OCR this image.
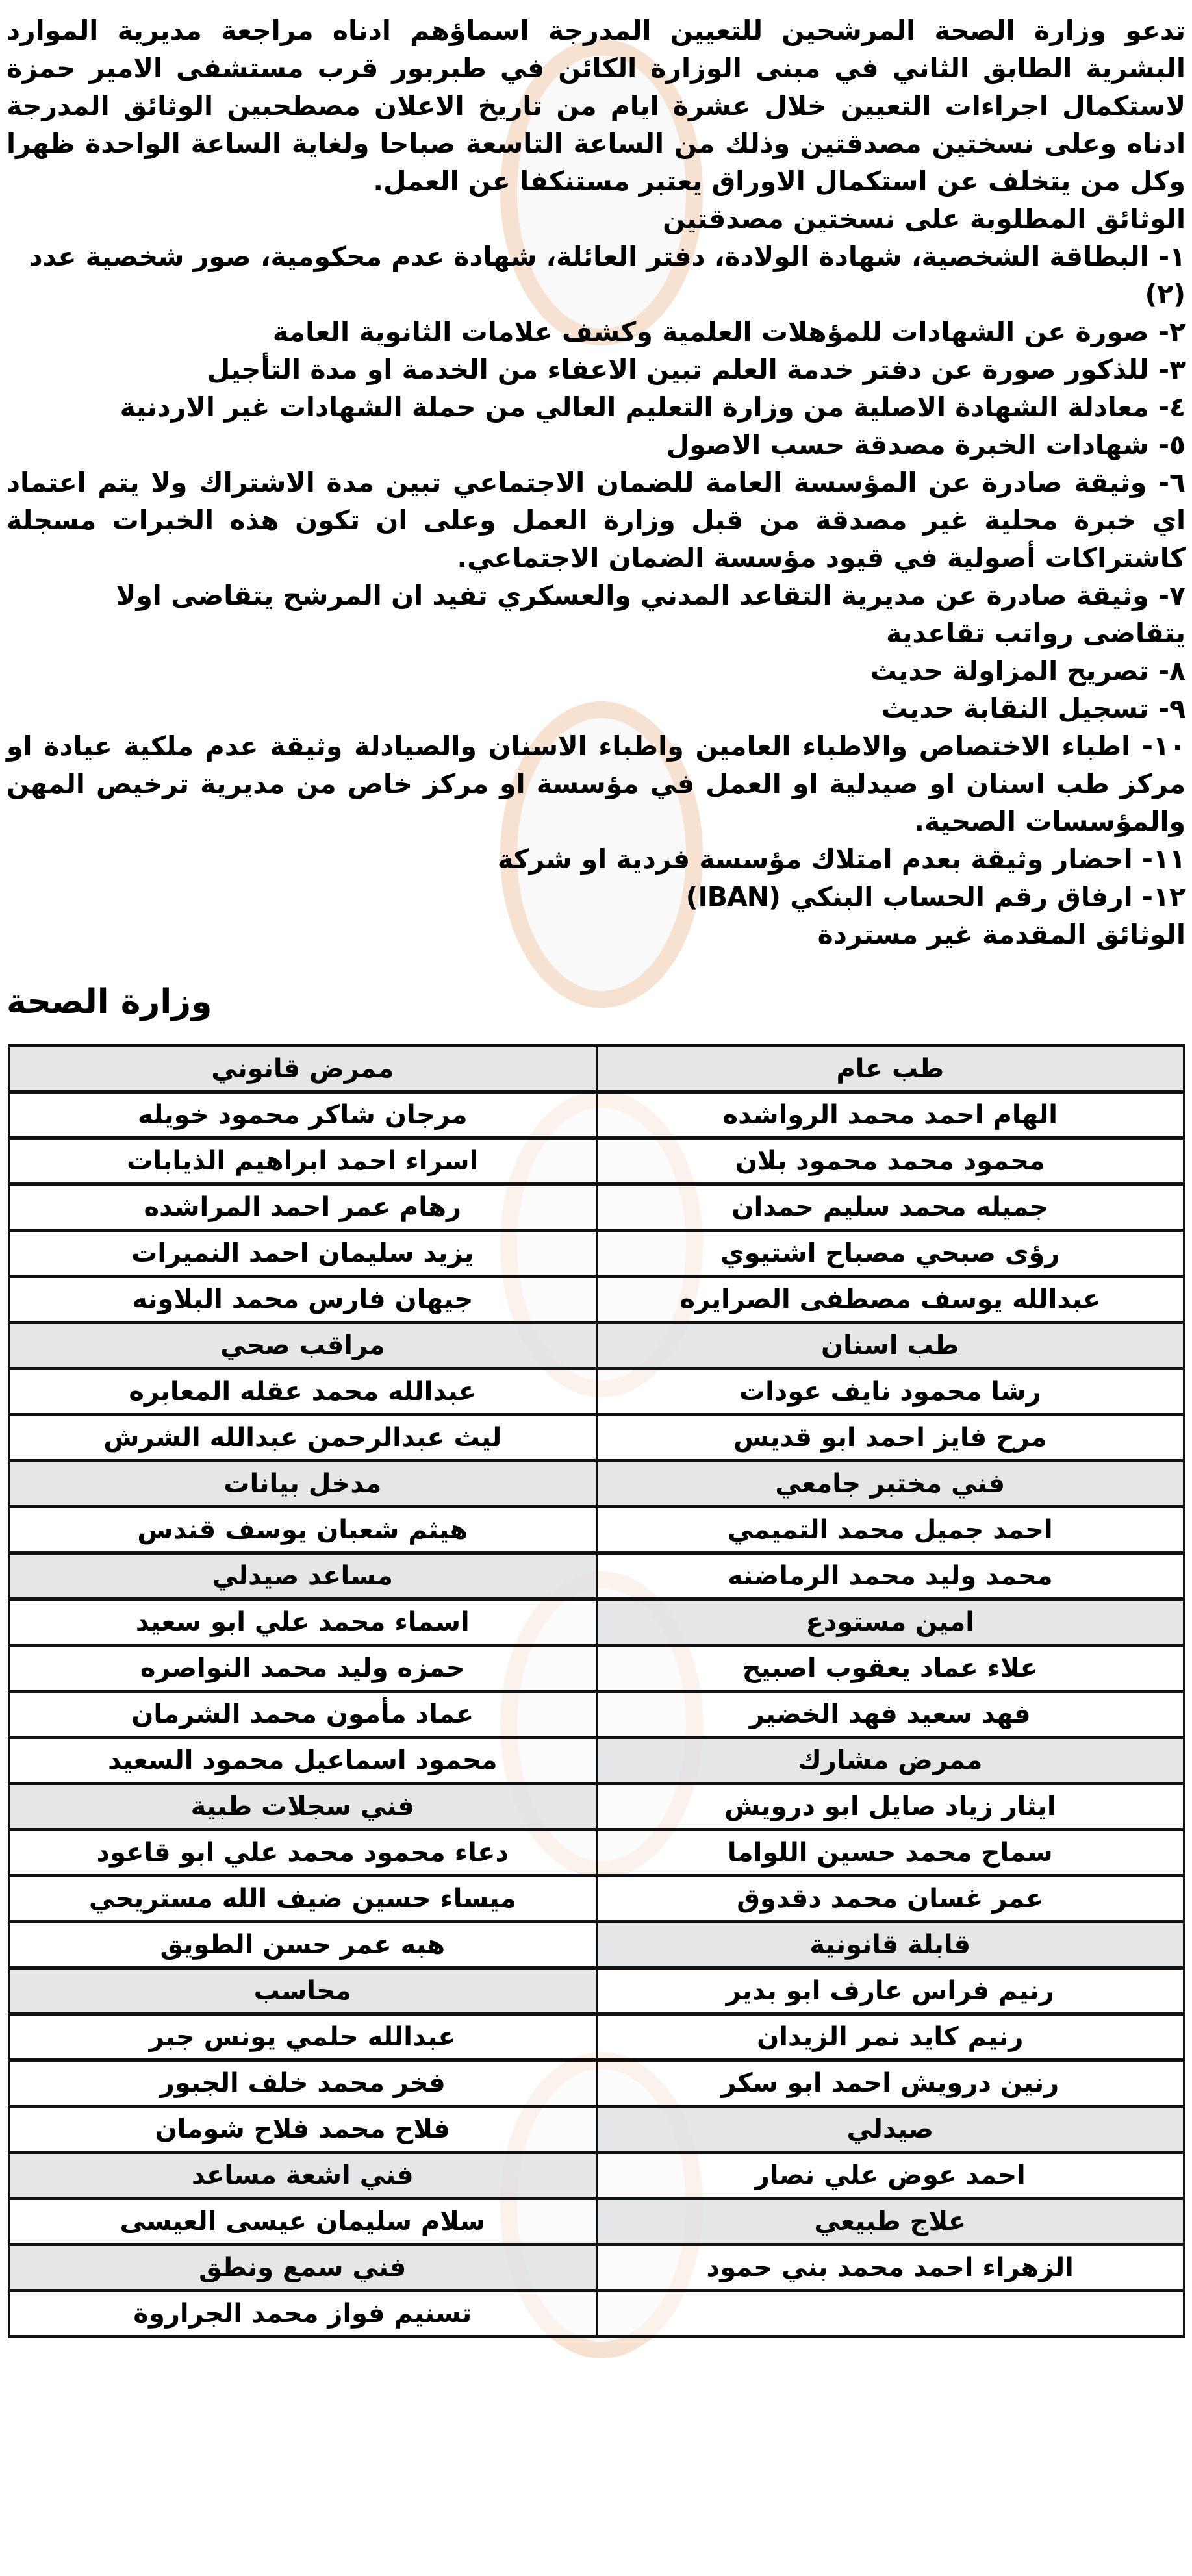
تدعو وزارة الصحة المرشحين للتعيين المدرجة اسماؤهم ادناه مراجعة مديرية الموارد البشرية الطابق الثاني في مبنى الوزارة الكائن في طبربور قرب مستشفى الامير حمزة لاستكمال اجراءات التعيين خلال عشرة ايام من تاريخ الاعلان مصطحبين الوثائق المدرجة ادناه وعلى نسختين مصدقتين وذلك من الساعة التاسعة صباحا ولغاية الساعة الواحدة ظهرا وكل من يتخلف عن استكمال الاوراق يعتبر مستنكفا عن العمل.

الوثائق المطلوبة على نسختين مصدقتين

١- البطاقة الشخصية، شهادة الولادة، دفتر العائلة، شهادة عدم محكومية، صور شخصية عدد (٢)

٢- صورة عن الشهادات للمؤهلات العلمية وكشف علامات الثانوية العامة

٣- للذكور صورة عن دفتر خدمة العلم تبين الاعفاء من الخدمة او مدة التأجيل

٤- معادلة الشهادة الاصلية من وزارة التعليم العالي من حملة الشهادات غير الاردنية

٥- شهادات الخبرة مصدقة حسب الاصول

٦- وثيقة صادرة عن المؤسسة العامة للضمان الاجتماعي تبين مدة الاشتراك ولا يتم اعتماد اي خبرة محلية غير مصدقة من قبل وزارة العمل وعلى ان تكون هذه الخبرات مسجلة كاشتراكات أصولية في قيود مؤسسة الضمان الاجتماعي.

٧- وثيقة صادرة عن مديرية التقاعد المدني والعسكري تفيد ان المرشح يتقاضى اولا يتقاضى رواتب تقاعدية

٨- تصريح المزاولة حديث

٩- تسجيل النقابة حديث

١٠- اطباء الاختصاص والاطباء العامين واطباء الاسنان والصيادلة وثيقة عدم ملكية عيادة او مركز طب اسنان او صيدلية او العمل في مؤسسة او مركز خاص من مديرية ترخيص المهن والمؤسسات الصحية.

١١- احضار وثيقة بعدم امتلاك مؤسسة فردية او شركة

١٢- ارفاق رقم الحساب البنكي (IBAN)

الوثائق المقدمة غير مستردة

وزارة الصحة
طب عام	ممرض قانوني
الهام احمد محمد الرواشده	مرجان شاكر محمود خويله
محمود محمد محمود بلان	اسراء احمد ابراهيم الذيابات
جميله محمد سليم حمدان	رهام عمر احمد المراشده
رؤى صبحي مصباح اشتيوي	يزيد سليمان احمد النميرات
عبدالله يوسف مصطفى الصرايره	جيهان فارس محمد البلاونه
طب اسنان	مراقب صحي
رشا محمود نايف عودات	عبدالله محمد عقله المعابره
مرح فايز احمد ابو قديس	ليث عبدالرحمن عبدالله الشرش
فني مختبر جامعي	مدخل بيانات
احمد جميل محمد التميمي	هيثم شعبان يوسف قندس
محمد وليد محمد الرماضنه	مساعد صيدلي
امين مستودع	اسماء محمد علي ابو سعيد
علاء عماد يعقوب اصبيح	حمزه وليد محمد النواصره
فهد سعيد فهد الخضير	عماد مأمون محمد الشرمان
ممرض مشارك	محمود اسماعيل محمود السعيد
ايثار زياد صايل ابو درويش	فني سجلات طبية
سماح محمد حسين اللواما	دعاء محمود محمد علي ابو قاعود
عمر غسان محمد دقدوق	ميساء حسين ضيف الله مستريحي
قابلة قانونية	هبه عمر حسن الطويق
رنيم فراس عارف ابو بدير	محاسب
رنيم كايد نمر الزيدان	عبدالله حلمي يونس جبر
رنين درويش احمد ابو سكر	فخر محمد خلف الجبور
صيدلي	فلاح محمد فلاح شومان
احمد عوض علي نصار	فني اشعة مساعد
علاج طبيعي	سلام سليمان عيسى العيسى
الزهراء احمد محمد بني حمود	فني سمع ونطق
	تسنيم فواز محمد الجراروة
